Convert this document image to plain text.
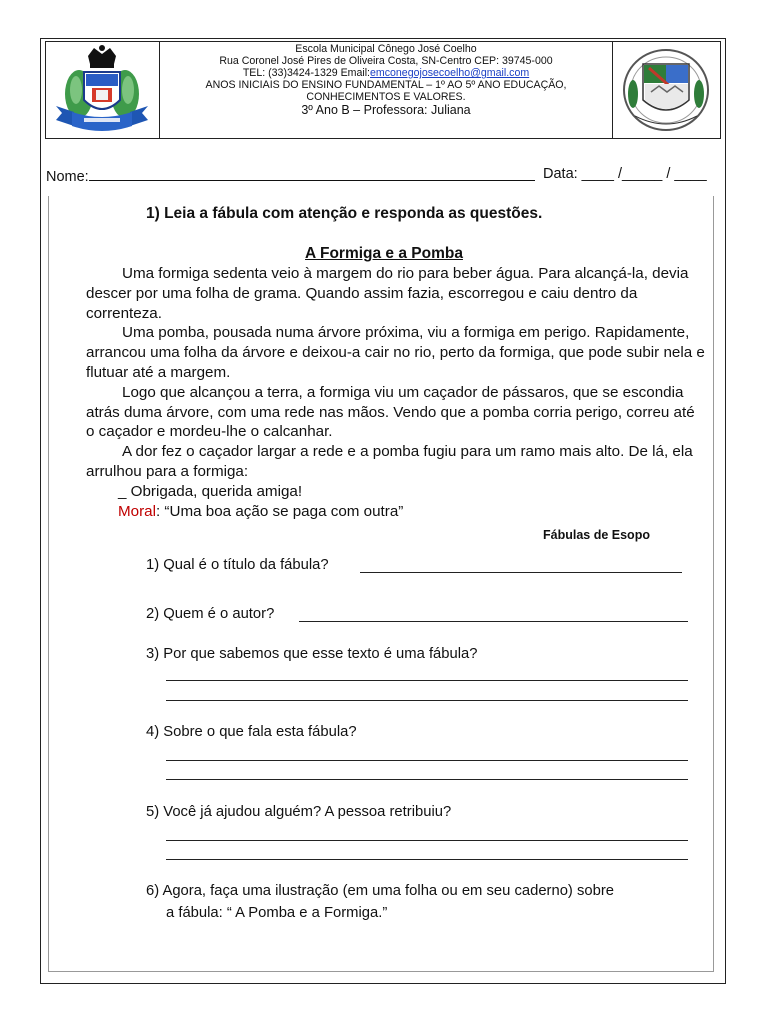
Escola Municipal Cônego José Coelho
Rua Coronel José Pires de Oliveira Costa, SN-Centro CEP: 39745-000
TEL: (33)3424-1329 Email:emconegojosecoelho@gmail.com
ANOS INICIAIS DO ENSINO FUNDAMENTAL – 1º AO 5º ANO EDUCAÇÃO,
CONHECIMENTOS E VALORES.
3º Ano B – Professora: Juliana
Nome:	Data: ____ /_____ / ____
1) Leia a fábula com atenção e responda as questões.
A Formiga e a Pomba

Uma formiga sedenta veio à margem do rio para beber água. Para alcançá-la, devia descer por uma folha de grama. Quando assim fazia, escorregou e caiu dentro da correnteza.

Uma pomba, pousada numa árvore próxima, viu a formiga em perigo. Rapidamente, arrancou uma folha da árvore e deixou-a cair no rio, perto da formiga, que pode subir nela e flutuar até a margem.

Logo que alcançou a terra, a formiga viu um caçador de pássaros, que se escondia atrás duma árvore, com uma rede nas mãos. Vendo que a pomba corria perigo, correu até o caçador e mordeu-lhe o calcanhar.

A dor fez o caçador largar a rede e a pomba fugiu para um ramo mais alto. De lá, ela arrulhou para a formiga:

_ Obrigada, querida amiga!

Moral: “Uma boa ação se paga com outra”

Fábulas de Esopo
1) Qual é o título da fábula?
2) Quem é o autor?
3) Por que sabemos que esse texto é uma fábula?
4) Sobre o que fala esta fábula?
5) Você já ajudou alguém? A pessoa retribuiu?
6) Agora, faça uma ilustração (em uma folha ou em seu caderno) sobre
a fábula: “ A Pomba e a Formiga.”
